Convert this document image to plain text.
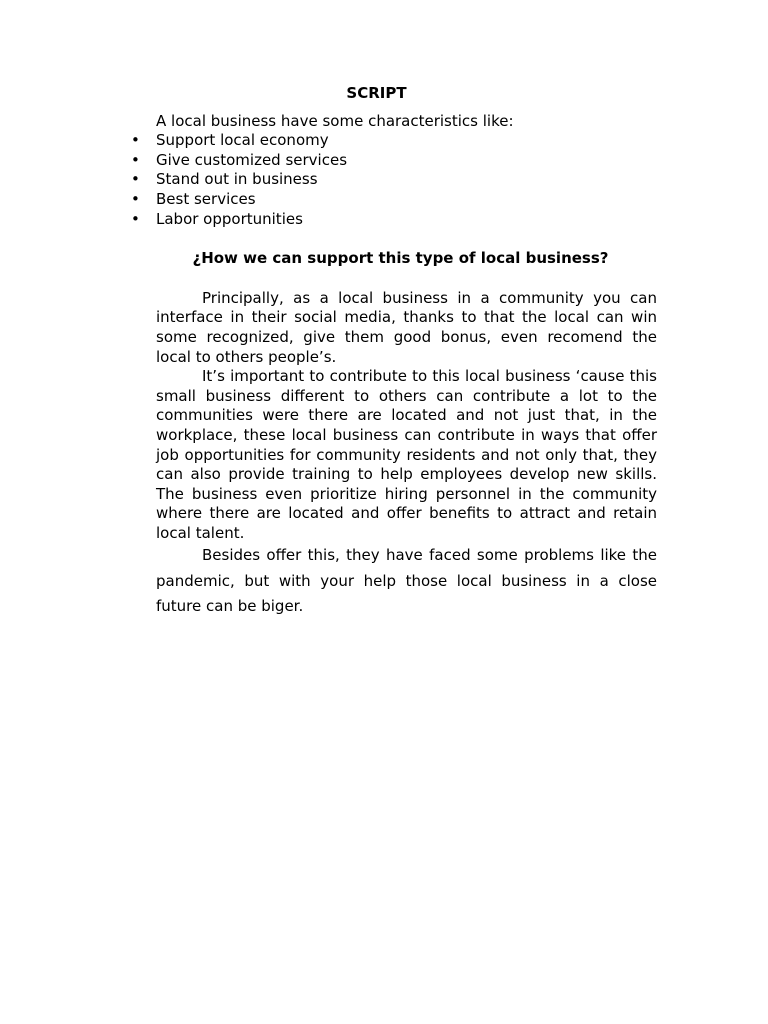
SCRIPT

A local business have some characteristics like:

• Support local economy
• Give customized services
• Stand out in business
• Best services
• Labor opportunities
¿How we can support this type of local business?

Principally, as a local business in a community you can interface in their social media, thanks to that the local can win some recognized, give them good bonus, even recomend the local to others people’s.

It’s important to contribute to this local business ‘cause this small business different to others can contribute a lot to the communities were there are located and not just that, in the workplace, these local business can contribute in ways that offer job opportunities for community residents and not only that, they can also provide training to help employees develop new skills. The business even prioritize hiring personnel in the community where there are located and offer benefits to attract and retain local talent.

Besides offer this, they have faced some problems like the pandemic, but with your help those local business in a close future can be biger.
